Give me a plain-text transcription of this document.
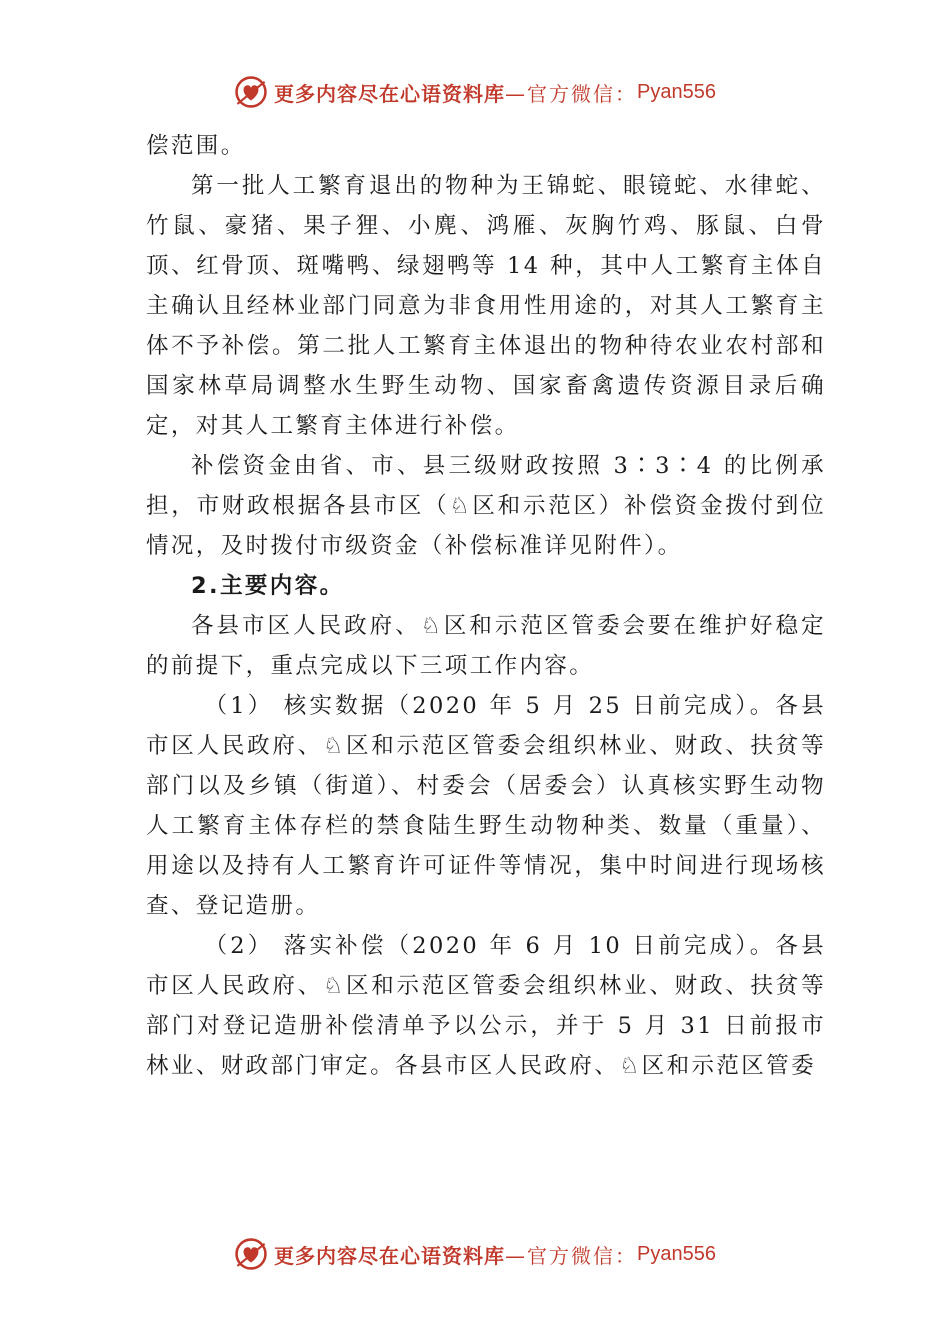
更多内容尽在心语资料库 —官方微信： Pyan556

偿范围。

第一批人工繁育退出的物种为王锦蛇、眼镜蛇、水律蛇、竹鼠、豪猪、果子狸、小麂、鸿雁、灰胸竹鸡、豚鼠、白骨顶、红骨顶、斑嘴鸭、绿翅鸭等 14 种，其中人工繁育主体自主确认且经林业部门同意为非食用性用途的，对其人工繁育主体不予补偿。第二批人工繁育主体退出的物种待农业农村部和国家林草局调整水生野生动物、国家畜禽遗传资源目录后确定，对其人工繁育主体进行补偿。

补偿资金由省、市、县三级财政按照 3∶3∶4 的比例承担，市财政根据各县市区（♘区和示范区）补偿资金拨付到位情况，及时拨付市级资金（补偿标准详见附件）。

2.主要内容。

各县市区人民政府、♘区和示范区管委会要在维护好稳定的前提下，重点完成以下三项工作内容。

（1） 核实数据（2020 年 5 月 25 日前完成）。各县市区人民政府、♘区和示范区管委会组织林业、财政、扶贫等部门以及乡镇（街道）、村委会（居委会）认真核实野生动物人工繁育主体存栏的禁食陆生野生动物种类、数量（重量）、用途以及持有人工繁育许可证件等情况，集中时间进行现场核查、登记造册。

（2） 落实补偿（2020 年 6 月 10 日前完成）。各县市区人民政府、♘区和示范区管委会组织林业、财政、扶贫等部门对登记造册补偿清单予以公示，并于 5 月 31 日前报市林业、财政部门审定。各县市区人民政府、♘区和示范区管委

更多内容尽在心语资料库 —官方微信： Pyan556
